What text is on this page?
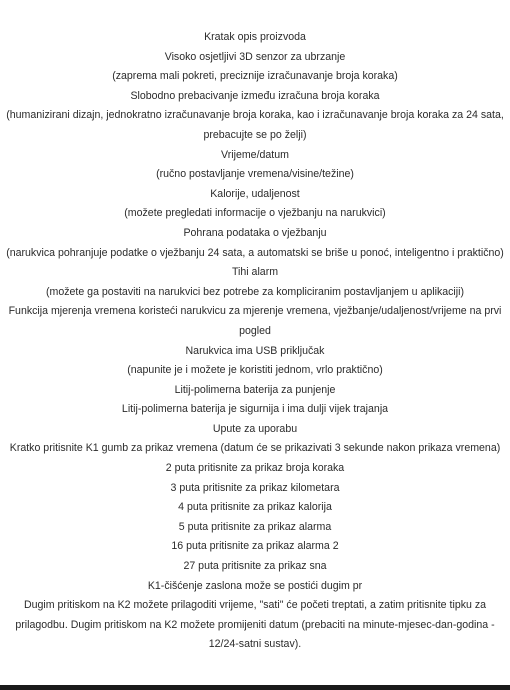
Kratak opis proizvoda

Visoko osjetljivi 3D senzor za ubrzanje

(zaprema mali pokreti, preciznije izračunavanje broja koraka)

Slobodno prebacivanje između izračuna broja koraka

(humanizirani dizajn, jednokratno izračunavanje broja koraka, kao i izračunavanje broja koraka za 24 sata, prebacujte se po želji)

Vrijeme/datum

(ručno postavljanje vremena/visine/težine)

Kalorije, udaljenost

(možete pregledati informacije o vježbanju na narukvici)

Pohrana podataka o vježbanju

(narukvica pohranjuje podatke o vježbanju 24 sata, a automatski se briše u ponoć, inteligentno i praktično)

Tihi alarm

(možete ga postaviti na narukvici bez potrebe za kompliciranim postavljanjem u aplikaciji)

Funkcija mjerenja vremena koristeći narukvicu za mjerenje vremena, vježbanje/udaljenost/vrijeme na prvi pogled

Narukvica ima USB priključak

(napunite je i možete je koristiti jednom, vrlo praktično)

Litij-polimerna baterija za punjenje

Litij-polimerna baterija je sigurnija i ima dulji vijek trajanja

Upute za uporabu

Kratko pritisnite K1 gumb za prikaz vremena (datum će se prikazivati 3 sekunde nakon prikaza vremena)

2 puta pritisnite za prikaz broja koraka

3 puta pritisnite za prikaz kilometara

4 puta pritisnite za prikaz kalorija

5 puta pritisnite za prikaz alarma

16 puta pritisnite za prikaz alarma 2

27 puta pritisnite za prikaz sna

K1-čišćenje zaslona može se postići dugim pr

Dugim pritiskom na K2 možete prilagoditi vrijeme, "sati" će početi treptati, a zatim pritisnite tipku za prilagodbu. Dugim pritiskom na K2 možete promijeniti datum (prebaciti na minute-mjesec-dan-godina - 12/24-satni sustav).
